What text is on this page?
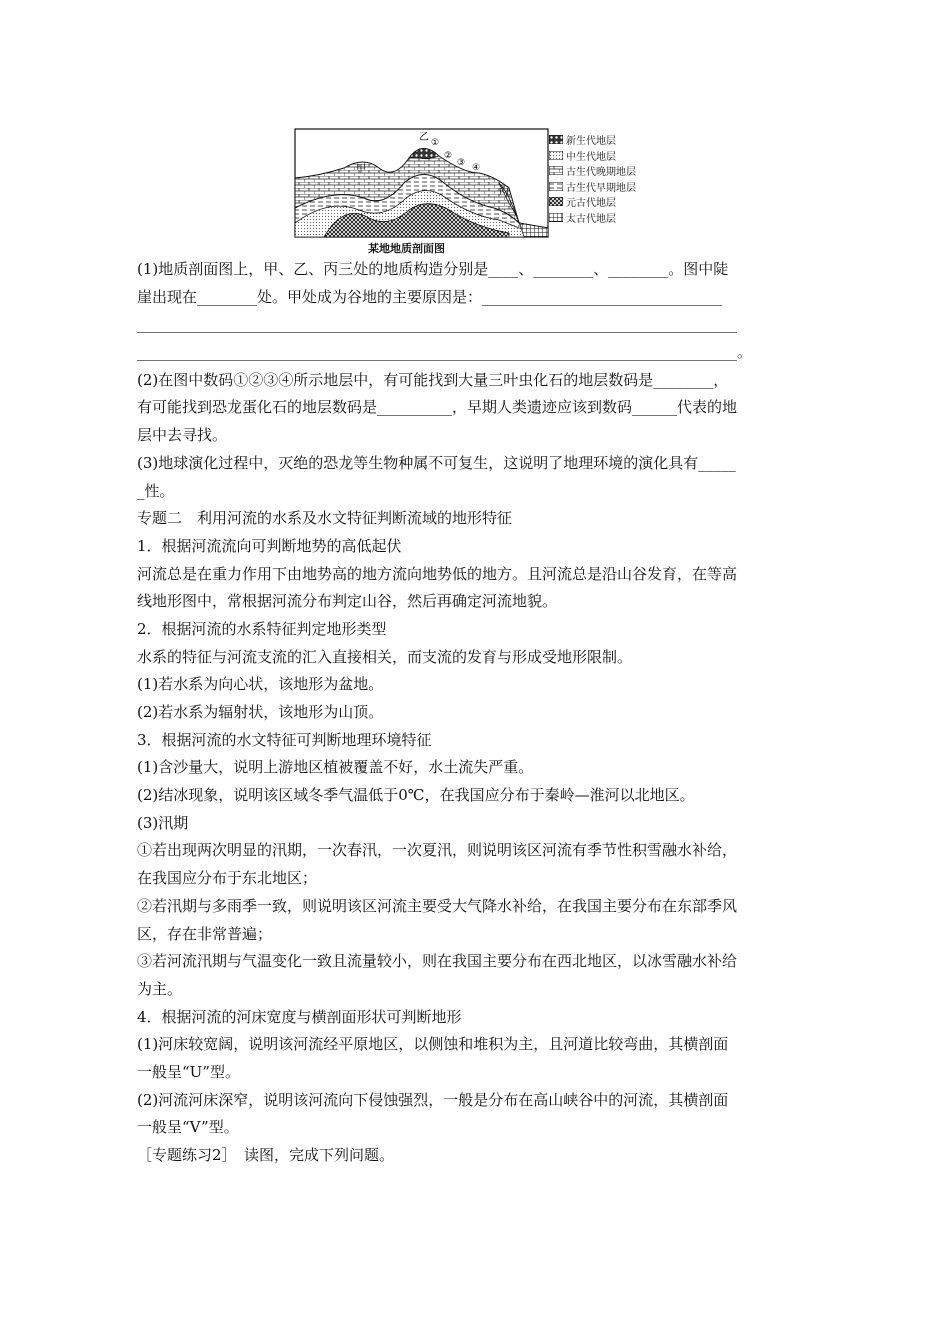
甲
乙 ①
②
③ ④
丙
新生代地层
中生代地层
古生代晚期地层
古生代早期地层
元古代地层
太古代地层
某地地质剖面图
(1)地质剖面图上，甲、乙、丙三处的地质构造分别是____、________、________。图中陡
崖出现在________处。甲处成为谷地的主要原因是：________________________________
________________________________________________________________________________
________________________________________________________________________________。
(2)在图中数码①②③④所示地层中，有可能找到大量三叶虫化石的地层数码是________，
有可能找到恐龙蛋化石的地层数码是__________，早期人类遗迹应该到数码______代表的地
层中去寻找。
(3)地球演化过程中，灭绝的恐龙等生物种属不可复生，这说明了地理环境的演化具有_____
_性。
专题二　利用河流的水系及水文特征判断流域的地形特征
1．根据河流流向可判断地势的高低起伏
河流总是在重力作用下由地势高的地方流向地势低的地方。且河流总是沿山谷发育，在等高
线地形图中，常根据河流分布判定山谷，然后再确定河流地貌。
2．根据河流的水系特征判定地形类型
水系的特征与河流支流的汇入直接相关，而支流的发育与形成受地形限制。
(1)若水系为向心状，该地形为盆地。
(2)若水系为辐射状，该地形为山顶。
3．根据河流的水文特征可判断地理环境特征
(1)含沙量大，说明上游地区植被覆盖不好，水土流失严重。
(2)结冰现象，说明该区域冬季气温低于0℃，在我国应分布于秦岭—淮河以北地区。
(3)汛期
①若出现两次明显的汛期，一次春汛，一次夏汛，则说明该区河流有季节性积雪融水补给，
在我国应分布于东北地区；
②若汛期与多雨季一致，则说明该区河流主要受大气降水补给，在我国主要分布在东部季风
区，存在非常普遍；
③若河流汛期与气温变化一致且流量较小，则在我国主要分布在西北地区，以冰雪融水补给
为主。
4．根据河流的河床宽度与横剖面形状可判断地形
(1)河床较宽阔，说明该河流经平原地区，以侧蚀和堆积为主，且河道比较弯曲，其横剖面
一般呈“U”型。
(2)河流河床深窄，说明该河流向下侵蚀强烈，一般是分布在高山峡谷中的河流，其横剖面
一般呈“V”型。
［专题练习2］　读图，完成下列问题。
